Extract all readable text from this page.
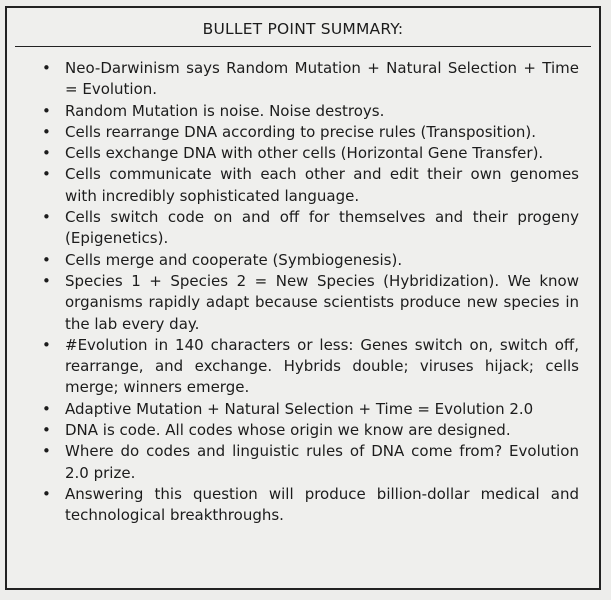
BULLET POINT SUMMARY:
• Neo-Darwinism says Random Mutation + Natural Selection + Time = Evolution.
• Random Mutation is noise. Noise destroys.
• Cells rearrange DNA according to precise rules (Transposition).
• Cells exchange DNA with other cells (Horizontal Gene Transfer).
• Cells communicate with each other and edit their own genomes with incredibly sophisticated language.
• Cells switch code on and off for themselves and their progeny (Epigenetics).
• Cells merge and cooperate (Symbiogenesis).
• Species 1 + Species 2 = New Species (Hybridization). We know organisms rapidly adapt because scientists produce new species in the lab every day.
• #Evolution in 140 characters or less: Genes switch on, switch off, rearrange, and exchange. Hybrids double; viruses hijack; cells merge; winners emerge.
• Adaptive Mutation + Natural Selection + Time = Evolution 2.0
• DNA is code. All codes whose origin we know are designed.
• Where do codes and linguistic rules of DNA come from? Evolution 2.0 prize.
• Answering this question will produce billion-dollar medical and technological breakthroughs.
